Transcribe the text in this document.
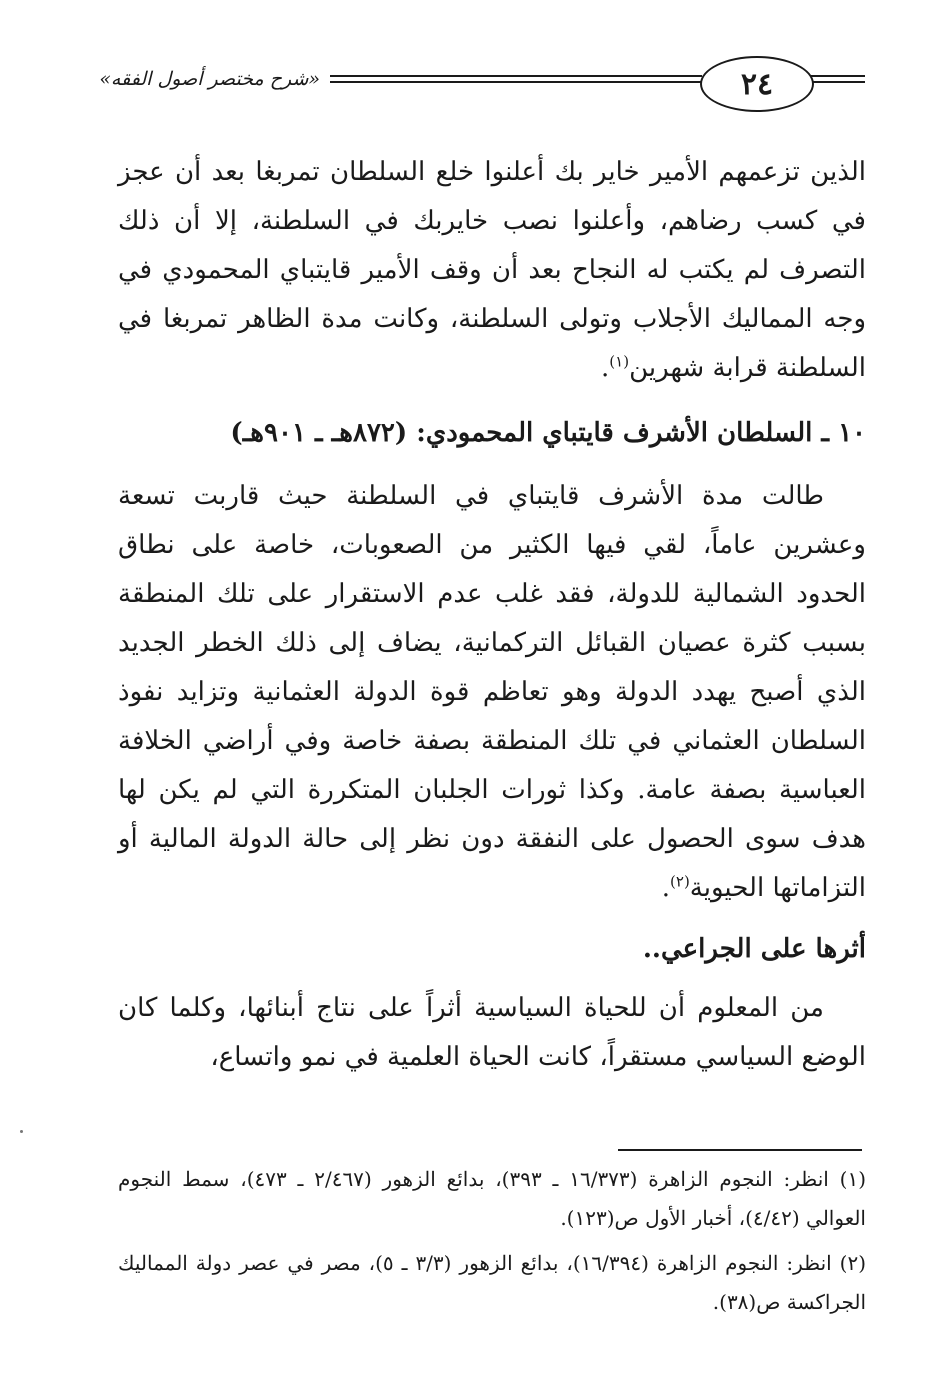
«شرح مختصر أصول الفقه»	٢٤

الذين تزعمهم الأمير خاير بك أعلنوا خلع السلطان تمربغا بعد أن عجز في كسب رضاهم، وأعلنوا نصب خايربك في السلطنة، إلا أن ذلك التصرف لم يكتب له النجاح بعد أن وقف الأمير قايتباي المحمودي في وجه المماليك الأجلاب وتولى السلطنة، وكانت مدة الظاهر تمربغا في السلطنة قرابة شهرين$^{(١)}$.

١٠ ـ السلطان الأشرف قايتباي المحمودي: (٨٧٢هـ ـ ٩٠١هـ)

طالت مدة الأشرف قايتباي في السلطنة حيث قاربت تسعة وعشرين عاماً، لقي فيها الكثير من الصعوبات، خاصة على نطاق الحدود الشمالية للدولة، فقد غلب عدم الاستقرار على تلك المنطقة بسبب كثرة عصيان القبائل التركمانية، يضاف إلى ذلك الخطر الجديد الذي أصبح يهدد الدولة وهو تعاظم قوة الدولة العثمانية وتزايد نفوذ السلطان العثماني في تلك المنطقة بصفة خاصة وفي أراضي الخلافة العباسية بصفة عامة. وكذا ثورات الجلبان المتكررة التي لم يكن لها هدف سوى الحصول على النفقة دون نظر إلى حالة الدولة المالية أو التزاماتها الحيوية$^{(٢)}$.

أثرها على الجراعي..

من المعلوم أن للحياة السياسية أثراً على نتاج أبنائها، وكلما كان الوضع السياسي مستقراً، كانت الحياة العلمية في نمو واتساع،

(١) انظر: النجوم الزاهرة (١٦/٣٧٣ ـ ٣٩٣)، بدائع الزهور (٢/٤٦٧ ـ ٤٧٣)، سمط النجوم العوالي (٤/٤٢)، أخبار الأول ص(١٢٣).

(٢) انظر: النجوم الزاهرة (١٦/٣٩٤)، بدائع الزهور (٣/٣ ـ ٥)، مصر في عصر دولة المماليك الجراكسة ص(٣٨).
